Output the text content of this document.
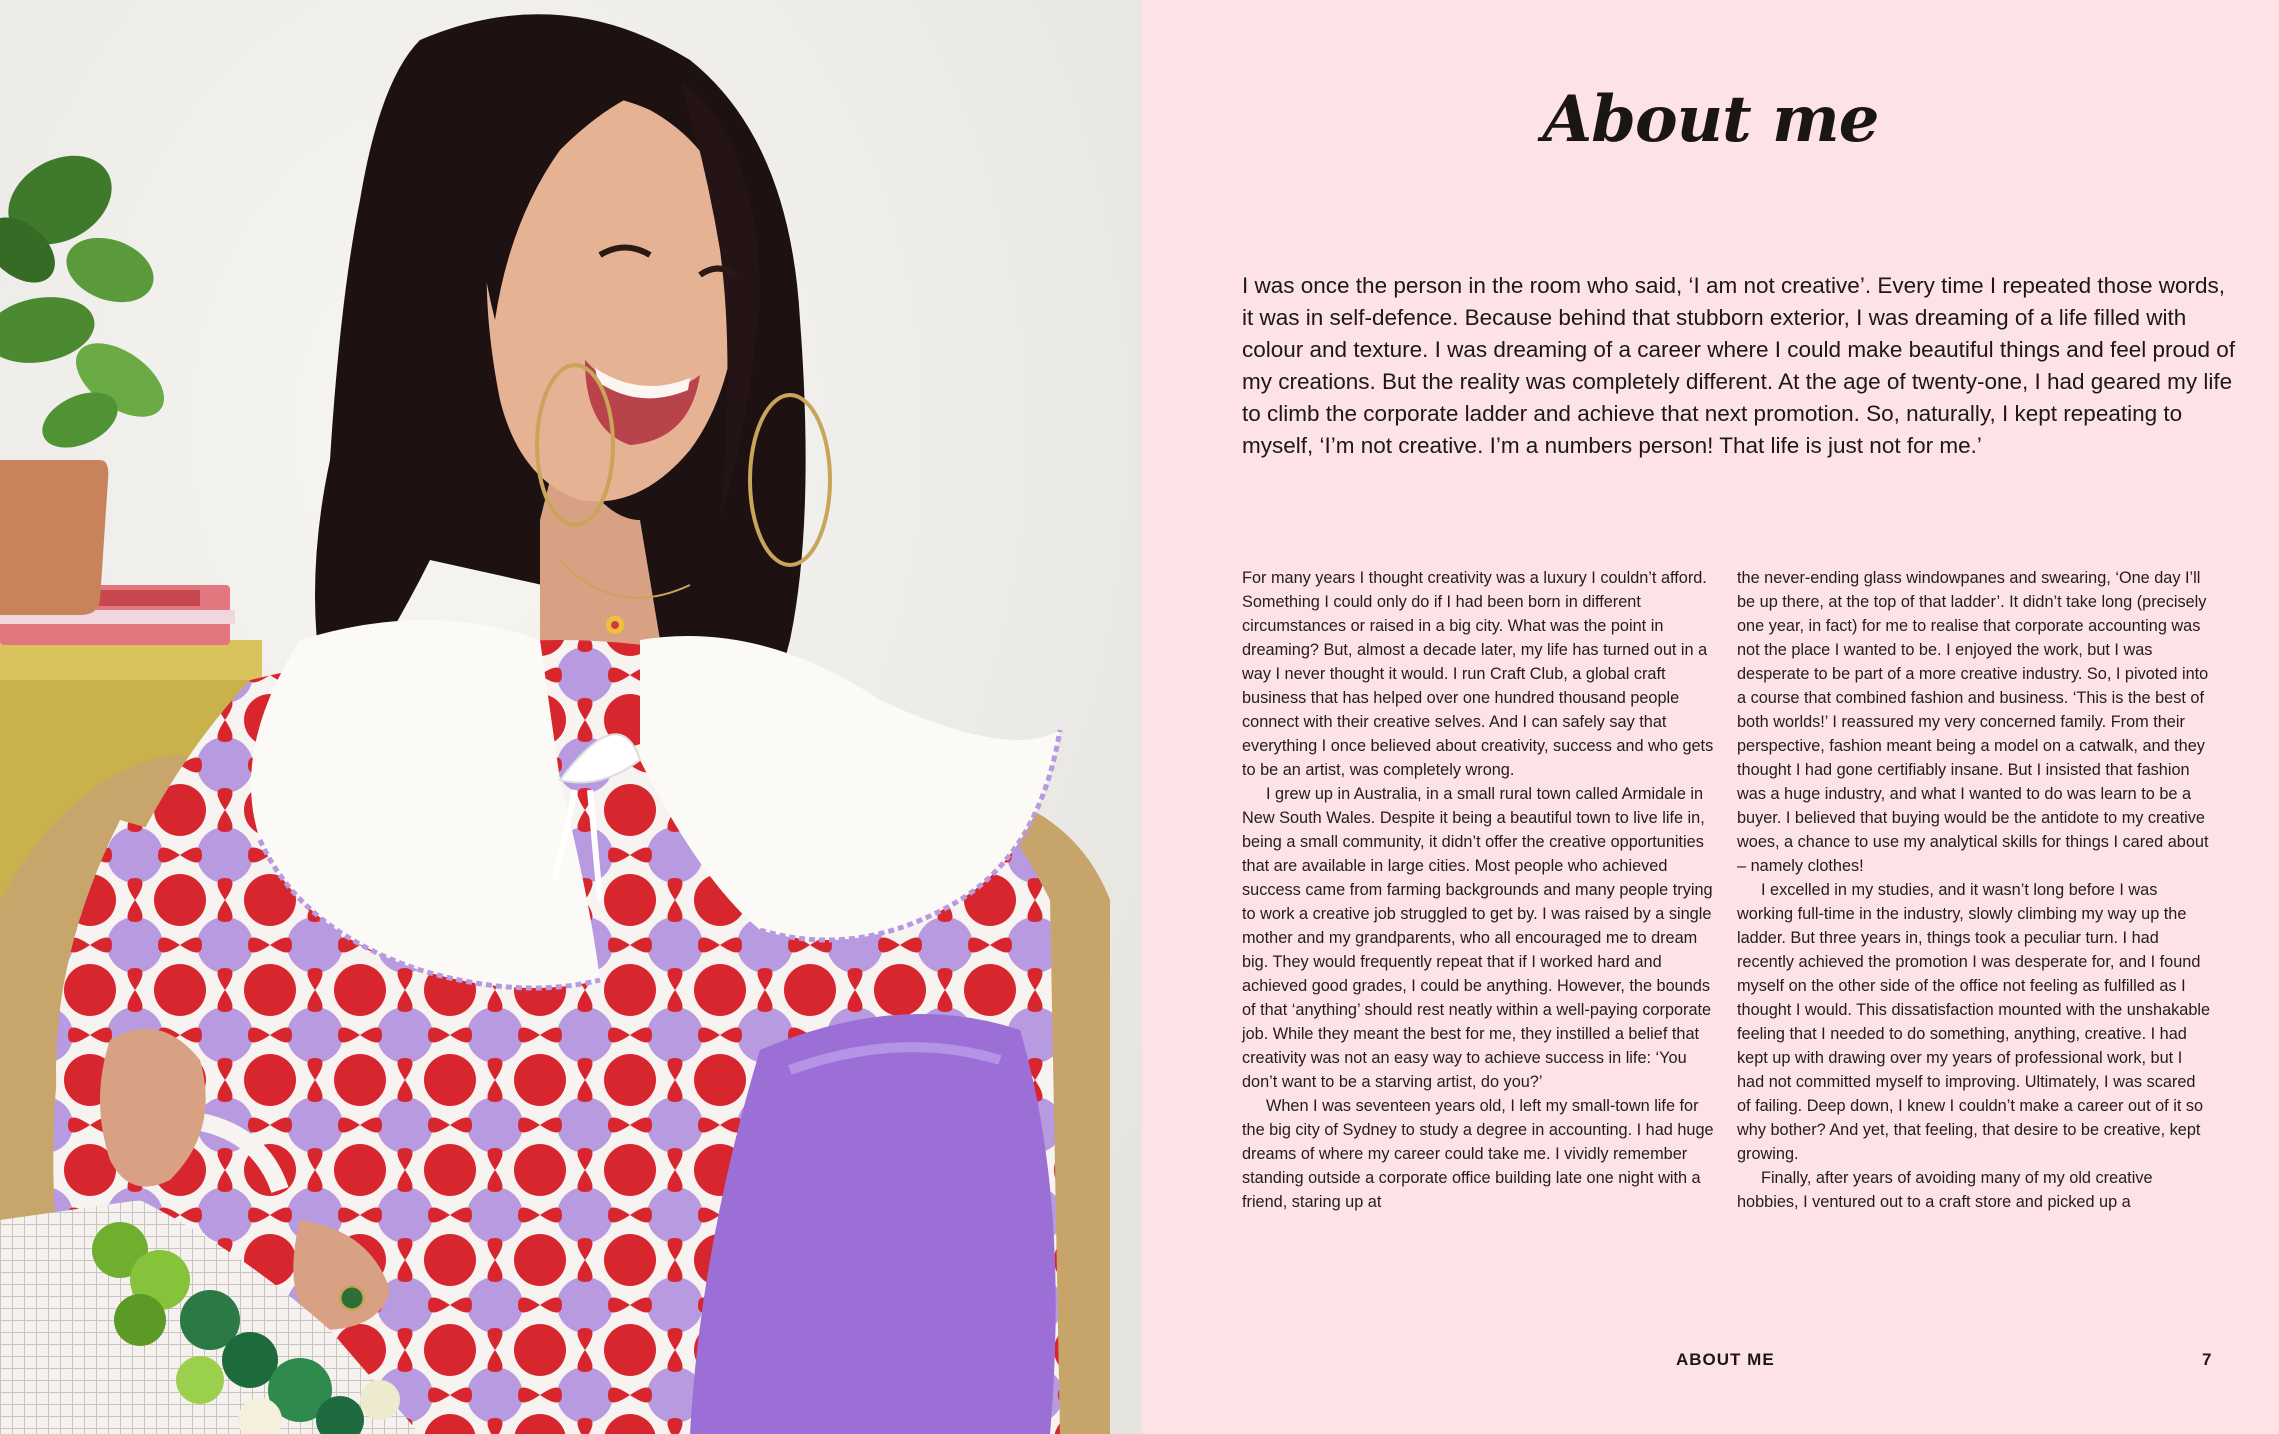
About me

I was once the person in the room who said, ‘I am not creative’. Every time I repeated those words, it was in self-defence. Because behind that stubborn exterior, I was dreaming of a life filled with colour and texture. I was dreaming of a career where I could make beautiful things and feel proud of my creations. But the reality was completely different. At the age of twenty-one, I had geared my life to climb the corporate ladder and achieve that next promotion. So, naturally, I kept repeating to myself, ‘I’m not creative. I’m a numbers person! That life is just not for me.’

For many years I thought creativity was a luxury I couldn’t afford. Something I could only do if I had been born in different circumstances or raised in a big city. What was the point in dreaming? But, almost a decade later, my life has turned out in a way I never thought it would. I run Craft Club, a global craft business that has helped over one hundred thousand people connect with their creative selves. And I can safely say that everything I once believed about creativity, success and who gets to be an artist, was completely wrong.

I grew up in Australia, in a small rural town called Armidale in New South Wales. Despite it being a beautiful town to live life in, being a small community, it didn’t offer the creative opportunities that are available in large cities. Most people who achieved success came from farming backgrounds and many people trying to work a creative job struggled to get by. I was raised by a single mother and my grandparents, who all encouraged me to dream big. They would frequently repeat that if I worked hard and achieved good grades, I could be anything. However, the bounds of that ‘anything’ should rest neatly within a well-paying corporate job. While they meant the best for me, they instilled a belief that creativity was not an easy way to achieve success in life: ‘You don’t want to be a starving artist, do you?’

When I was seventeen years old, I left my small-town life for the big city of Sydney to study a degree in accounting. I had huge dreams of where my career could take me. I vividly remember standing outside a corporate office building late one night with a friend, staring up at

the never-ending glass windowpanes and swearing, ‘One day I’ll be up there, at the top of that ladder’. It didn’t take long (precisely one year, in fact) for me to realise that corporate accounting was not the place I wanted to be. I enjoyed the work, but I was desperate to be part of a more creative industry. So, I pivoted into a course that combined fashion and business. ‘This is the best of both worlds!’ I reassured my very concerned family. From their perspective, fashion meant being a model on a catwalk, and they thought I had gone certifiably insane. But I insisted that fashion was a huge industry, and what I wanted to do was learn to be a buyer. I believed that buying would be the antidote to my creative woes, a chance to use my analytical skills for things I cared about – namely clothes!

I excelled in my studies, and it wasn’t long before I was working full-time in the industry, slowly climbing my way up the ladder. But three years in, things took a peculiar turn. I had recently achieved the promotion I was desperate for, and I found myself on the other side of the office not feeling as fulfilled as I thought I would. This dissatisfaction mounted with the unshakable feeling that I needed to do something, anything, creative. I had kept up with drawing over my years of professional work, but I had not committed myself to improving. Ultimately, I was scared of failing. Deep down, I knew I couldn’t make a career out of it so why bother? And yet, that feeling, that desire to be creative, kept growing.

Finally, after years of avoiding many of my old creative hobbies, I ventured out to a craft store and picked up a

ABOUT ME	7
